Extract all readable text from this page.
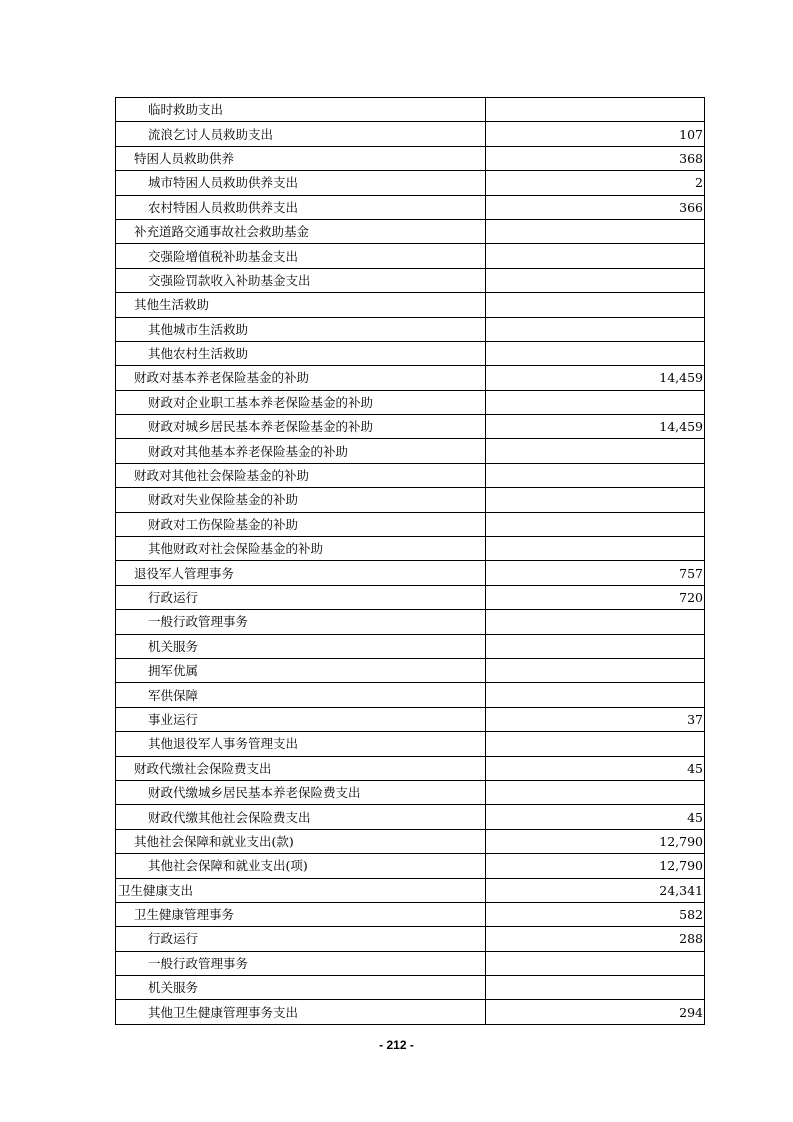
临时救助支出	
流浪乞讨人员救助支出	107
特困人员救助供养	368
城市特困人员救助供养支出	2
农村特困人员救助供养支出	366
补充道路交通事故社会救助基金	
交强险增值税补助基金支出	
交强险罚款收入补助基金支出	
其他生活救助	
其他城市生活救助	
其他农村生活救助	
财政对基本养老保险基金的补助	14,459
财政对企业职工基本养老保险基金的补助	
财政对城乡居民基本养老保险基金的补助	14,459
财政对其他基本养老保险基金的补助	
财政对其他社会保险基金的补助	
财政对失业保险基金的补助	
财政对工伤保险基金的补助	
其他财政对社会保险基金的补助	
退役军人管理事务	757
行政运行	720
一般行政管理事务	
机关服务	
拥军优属	
军供保障	
事业运行	37
其他退役军人事务管理支出	
财政代缴社会保险费支出	45
财政代缴城乡居民基本养老保险费支出	
财政代缴其他社会保险费支出	45
其他社会保障和就业支出(款)	12,790
其他社会保障和就业支出(项)	12,790
卫生健康支出	24,341
卫生健康管理事务	582
行政运行	288
一般行政管理事务	
机关服务	
其他卫生健康管理事务支出	294
- 212 -
